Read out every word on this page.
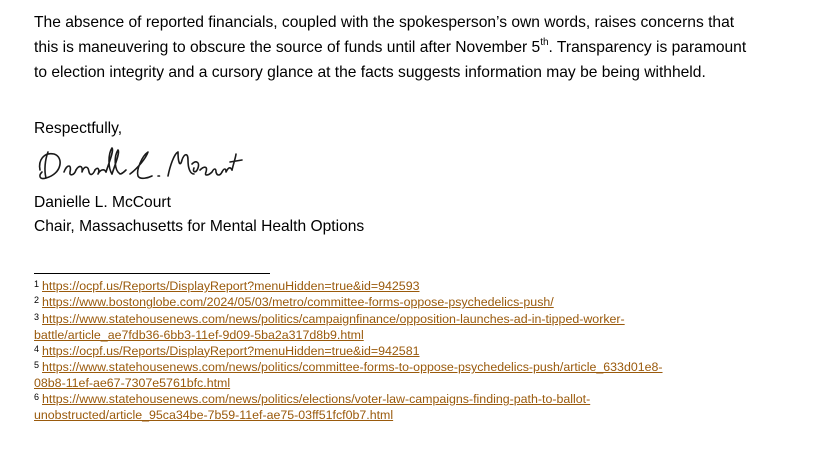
The absence of reported financials, coupled with the spokesperson’s own words, raises concerns that

this is maneuvering to obscure the source of funds until after November 5th. Transparency is paramount

to election integrity and a cursory glance at the facts suggests information may be being withheld.

Respectfully,
Danielle L. McCourt
Chair, Massachusetts for Mental Health Options
$^1$ https://ocpf.us/Reports/DisplayReport?menuHidden=true&id=942593
$^2$ https://www.bostonglobe.com/2024/05/03/metro/committee-forms-oppose-psychedelics-push/
$^3$ https://www.statehousenews.com/news/politics/campaignfinance/opposition-launches-ad-in-tipped-worker-
battle/article_ae7fdb36-6bb3-11ef-9d09-5ba2a317d8b9.html
$^4$ https://ocpf.us/Reports/DisplayReport?menuHidden=true&id=942581
$^5$ https://www.statehousenews.com/news/politics/committee-forms-to-oppose-psychedelics-push/article_633d01e8-
08b8-11ef-ae67-7307e5761bfc.html
$^6$ https://www.statehousenews.com/news/politics/elections/voter-law-campaigns-finding-path-to-ballot-
unobstructed/article_95ca34be-7b59-11ef-ae75-03ff51fcf0b7.html
